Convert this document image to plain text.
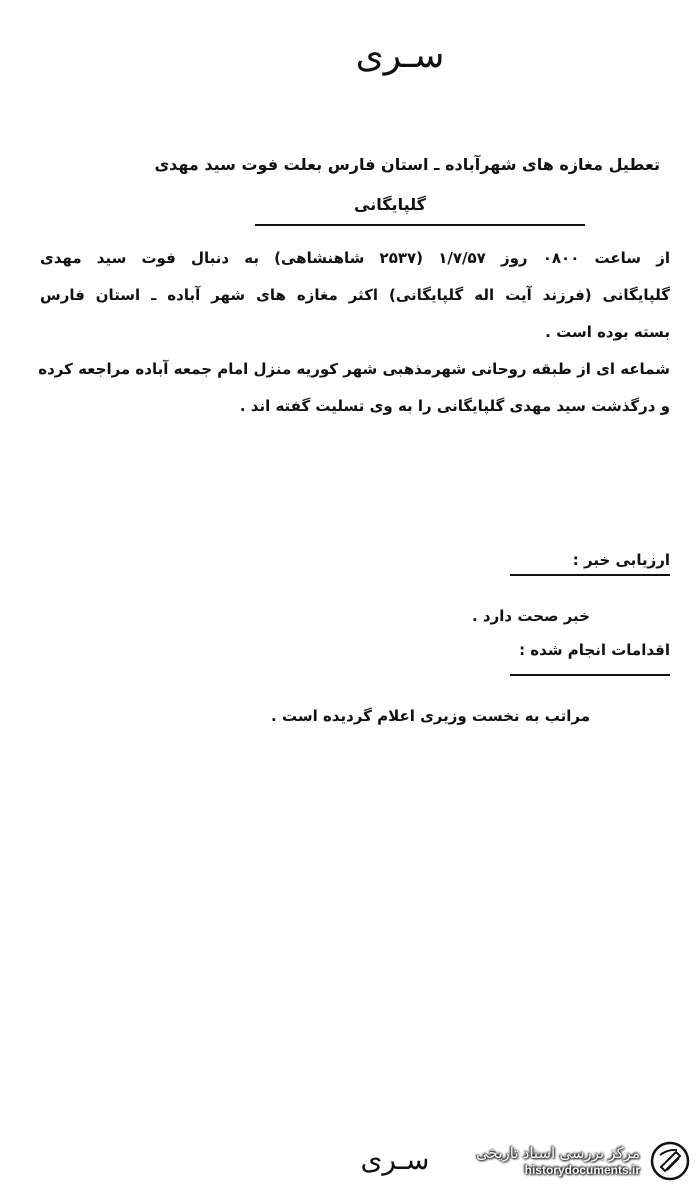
سـری
تعطیل مغازه های شهرآباده ـ استان فارس بعلت فوت سید مهدی
گلپایگانی
از ساعت ۰۸۰۰ روز ۱/۷/۵۷ (۲۵۳۷ شاهنشاهی) به دنبال فوت سید مهدی
گلپایگانی (فرزند آیت اله گلپایگانی) اکثر مغازه های شهر آباده ـ استان فارس
بسته بوده است .
شماعه ای از طبقه روحانی شهرمذهبی شهر کوریه منزل امام جمعه آباده مراجعه کرده
و درگذشت سید مهدی گلپایگانی را به وی تسلیت گفته اند .
ارزیابی خبر :
خبر صحت دارد .
اقدامات انجام شده :
مراتب به نخست وزیری اعلام گردیده است .
سـری	مرکز بررسی اسناد تاریخی
historydocuments.ir
